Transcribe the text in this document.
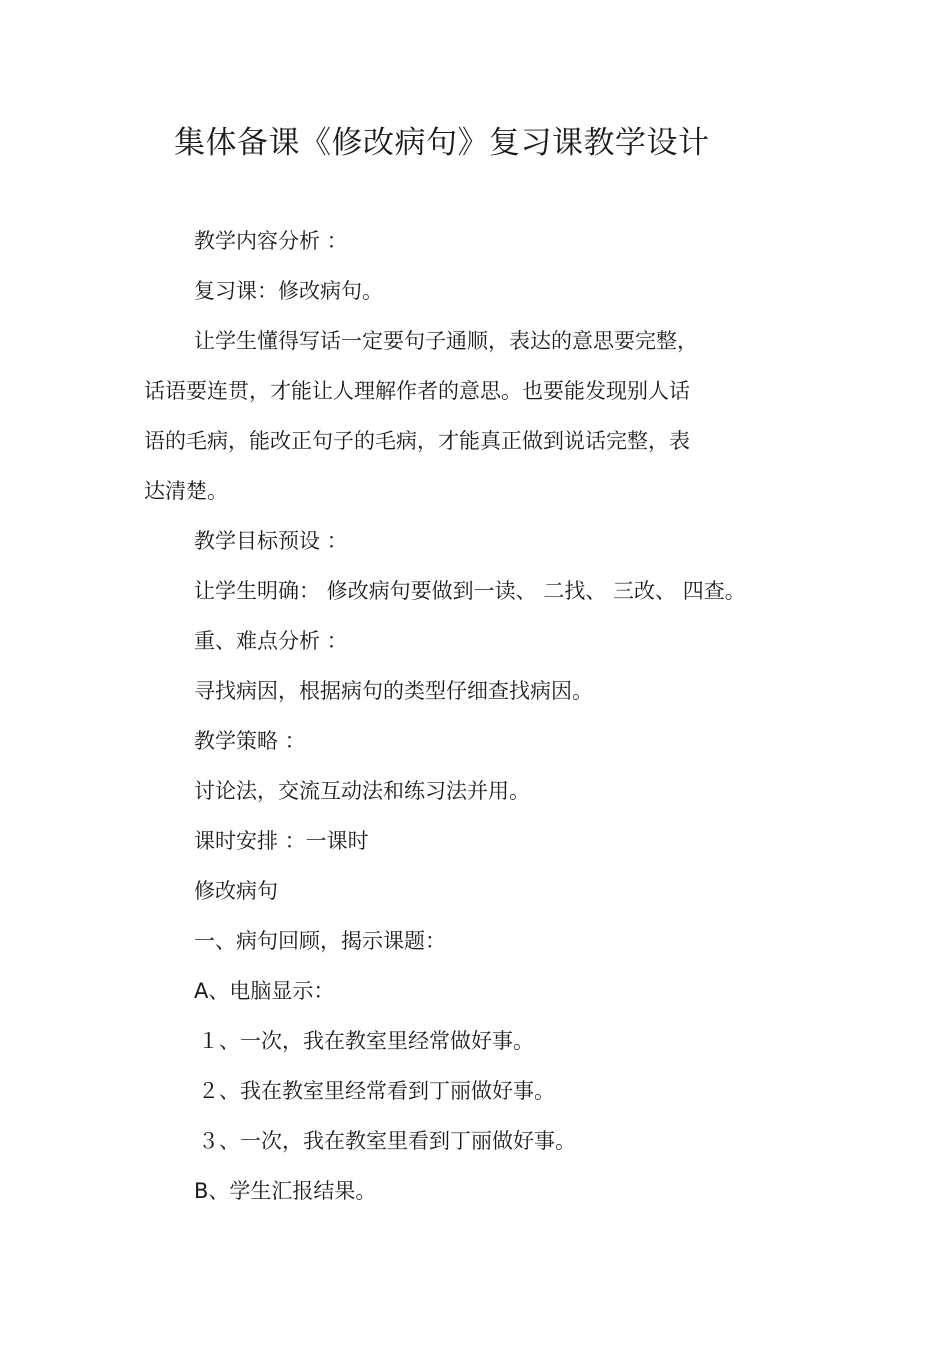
集体备课《修改病句》复习课教学设计
教学内容分析 ：
复习课：修改病句。
让学生懂得写话一定要句子通顺，表达的意思要完整，
话语要连贯，才能让人理解作者的意思。也要能发现别人话
语的毛病，能改正句子的毛病，才能真正做到说话完整，表
达清楚。
教学目标预设 ：
让学生明确： 修改病句要做到一读、 二找、 三改、 四查。
重、难点分析 ：
寻找病因，根据病句的类型仔细查找病因。
教学策略 ：
讨论法，交流互动法和练习法并用。
课时安排 ：一课时
修改病句
一、病句回顾，揭示课题：
A、电脑显示：
１、一次，我在教室里经常做好事。
２、我在教室里经常看到丁丽做好事。
３、一次，我在教室里看到丁丽做好事。
B、学生汇报结果。
